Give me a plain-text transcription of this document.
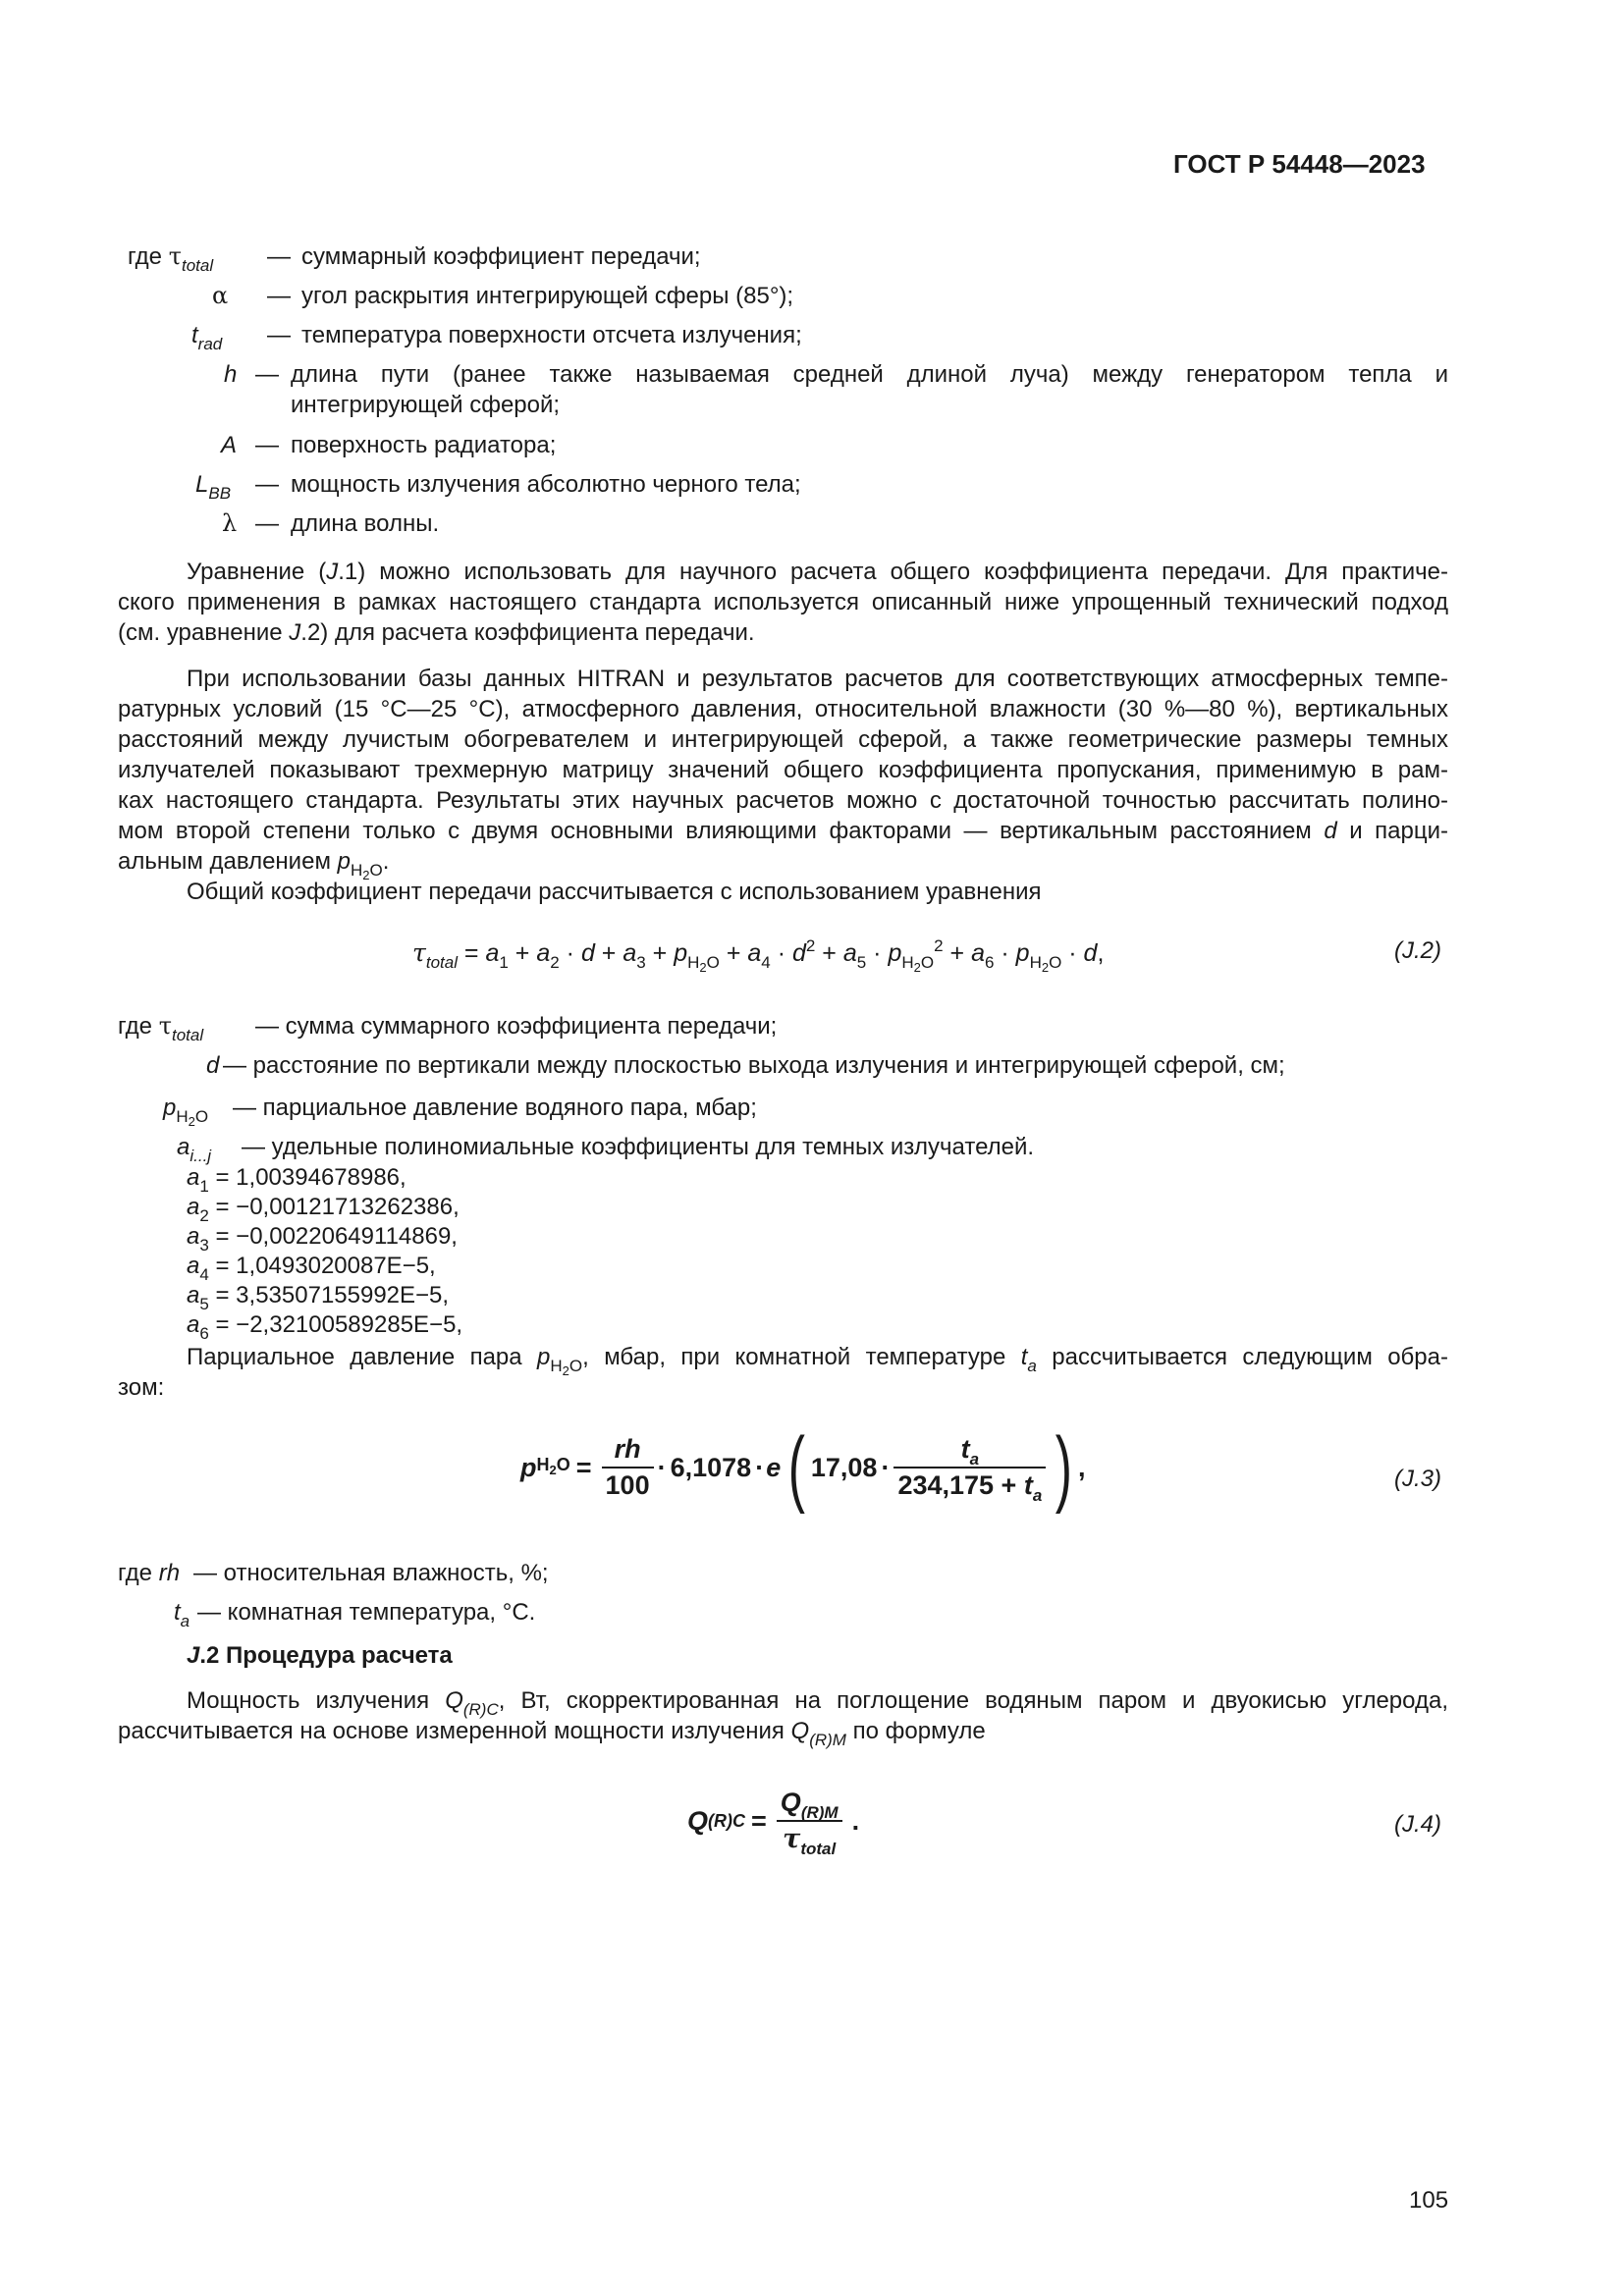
ГОСТ Р 54448—2023
где $\tau_{total}$ — суммарный коэффициент передачи;
α — угол раскрытия интегрирующей сферы (85°);
$t_{rad}$ — температура поверхности отсчета излучения;
h — длина пути (ранее также называемая средней длиной луча) между генератором тепла и
интегрирующей сферой;
A — поверхность радиатора;
$L_{BB}$ — мощность излучения абсолютно черного тела;
λ — длина волны.
Уравнение (J.1) можно использовать для научного расчета общего коэффициента передачи. Для практиче-
ского применения в рамках настоящего стандарта используется описанный ниже упрощенный технический подход
(см. уравнение J.2) для расчета коэффициента передачи.
При использовании базы данных HITRAN и результатов расчетов для соответствующих атмосферных темпе-
ратурных условий (15 °C—25 °C), атмосферного давления, относительной влажности (30 %—80 %), вертикальных
расстояний между лучистым обогревателем и интегрирующей сферой, а также геометрические размеры темных
излучателей показывают трехмерную матрицу значений общего коэффициента пропускания, применимую в рам-
ках настоящего стандарта. Результаты этих научных расчетов можно с достаточной точностью рассчитать полино-
мом второй степени только с двумя основными влияющими факторами — вертикальным расстоянием d и парци-
альным давлением $p_{H_2O}$.
Общий коэффициент передачи рассчитывается с использованием уравнения
$\tau_{total} = a_1 + a_2 \cdot d + a_3 + p_{H_2O} + a_4 \cdot d^2 + a_5 \cdot p_{H_2O}^2 + a_6 \cdot p_{H_2O} \cdot d$,	(J.2)
где $\tau_{total}$ — сумма суммарного коэффициента передачи;
d — расстояние по вертикали между плоскостью выхода излучения и интегрирующей сферой, см;
$p_{H_2O}$ — парциальное давление водяного пара, мбар;
$a_{i...j}$ — удельные полиномиальные коэффициенты для темных излучателей.
$a_1 = 1,00394678986$,
$a_2 = -0,00121713262386$,
$a_3 = -0,00220649114869$,
$a_4 = 1,0493020087E-5$,
$a_5 = 3,53507155992E-5$,
$a_6 = -2,32100589285E-5$,
Парциальное давление пара $p_{H_2O}$, мбар, при комнатной температуре $t_a$ рассчитывается следующим обра-
зом:
p $H_2O = \frac{rh}{100} \cdot 6,1078 \cdot e$ ( $17,08 \cdot \frac{t_a}{234,175 + t_a}$ ) ,	(J.3)
где rh — относительная влажность, %;
$t_a$ — комнатная температура, °С.
J.2 Процедура расчета
Мощность излучения $Q_{(R)C}$, Вт, скорректированная на поглощение водяным паром и двуокисью углерода,
рассчитывается на основе измеренной мощности излучения $Q_{(R)M}$ по формуле
Q $(R)C = \frac{Q_{(R)M}}{\tau_{total}}$ .	(J.4)
105
